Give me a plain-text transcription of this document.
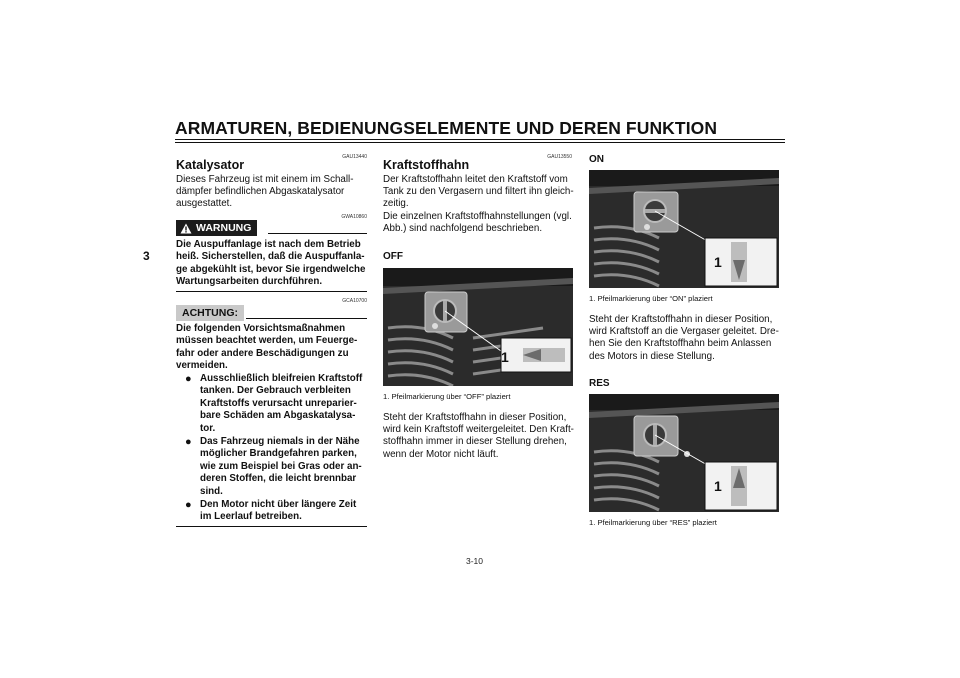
ARMATUREN, BEDIENUNGSELEMENTE UND DEREN FUNKTION
3
GAU13440
Katalysator
Dieses Fahrzeug ist mit einem im Schall-dämpfer befindlichen Abgaskatalysator ausgestattet.
GWA10860
WARNUNG
Die Auspuffanlage ist nach dem Betrieb heiß. Sicherstellen, daß die Auspuffanla-ge abgekühlt ist, bevor Sie irgendwelche Wartungsarbeiten durchführen.
GCA10700
ACHTUNG:
Die folgenden Vorsichtsmaßnahmen müssen beachtet werden, um Feuerge-fahr oder andere Beschädigungen zu vermeiden.
● Ausschließlich bleifreien Kraftstoff tanken. Der Gebrauch verbleiten Kraftstoffs verursacht unreparier-bare Schäden am Abgaskatalysa-tor.
● Das Fahrzeug niemals in der Nähe möglicher Brandgefahren parken, wie zum Beispiel bei Gras oder an-deren Stoffen, die leicht brennbar sind.
● Den Motor nicht über längere Zeit im Leerlauf betreiben.
GAU13550
Kraftstoffhahn
Der Kraftstoffhahn leitet den Kraftstoff vom Tank zu den Vergasern und filtert ihn gleich-zeitig.
Die einzelnen Kraftstoffhahnstellungen (vgl. Abb.) sind nachfolgend beschrieben.
OFF
1
1. Pfeilmarkierung über “OFF” plaziert
Steht der Kraftstoffhahn in dieser Position, wird kein Kraftstoff weitergeleitet. Den Kraft-stoffhahn immer in dieser Stellung drehen, wenn der Motor nicht läuft.
ON
1
1. Pfeilmarkierung über “ON” plaziert
Steht der Kraftstoffhahn in dieser Position, wird Kraftstoff an die Vergaser geleitet. Dre-hen Sie den Kraftstoffhahn beim Anlassen des Motors in diese Stellung.
RES
1
1. Pfeilmarkierung über “RES” plaziert
3-10
